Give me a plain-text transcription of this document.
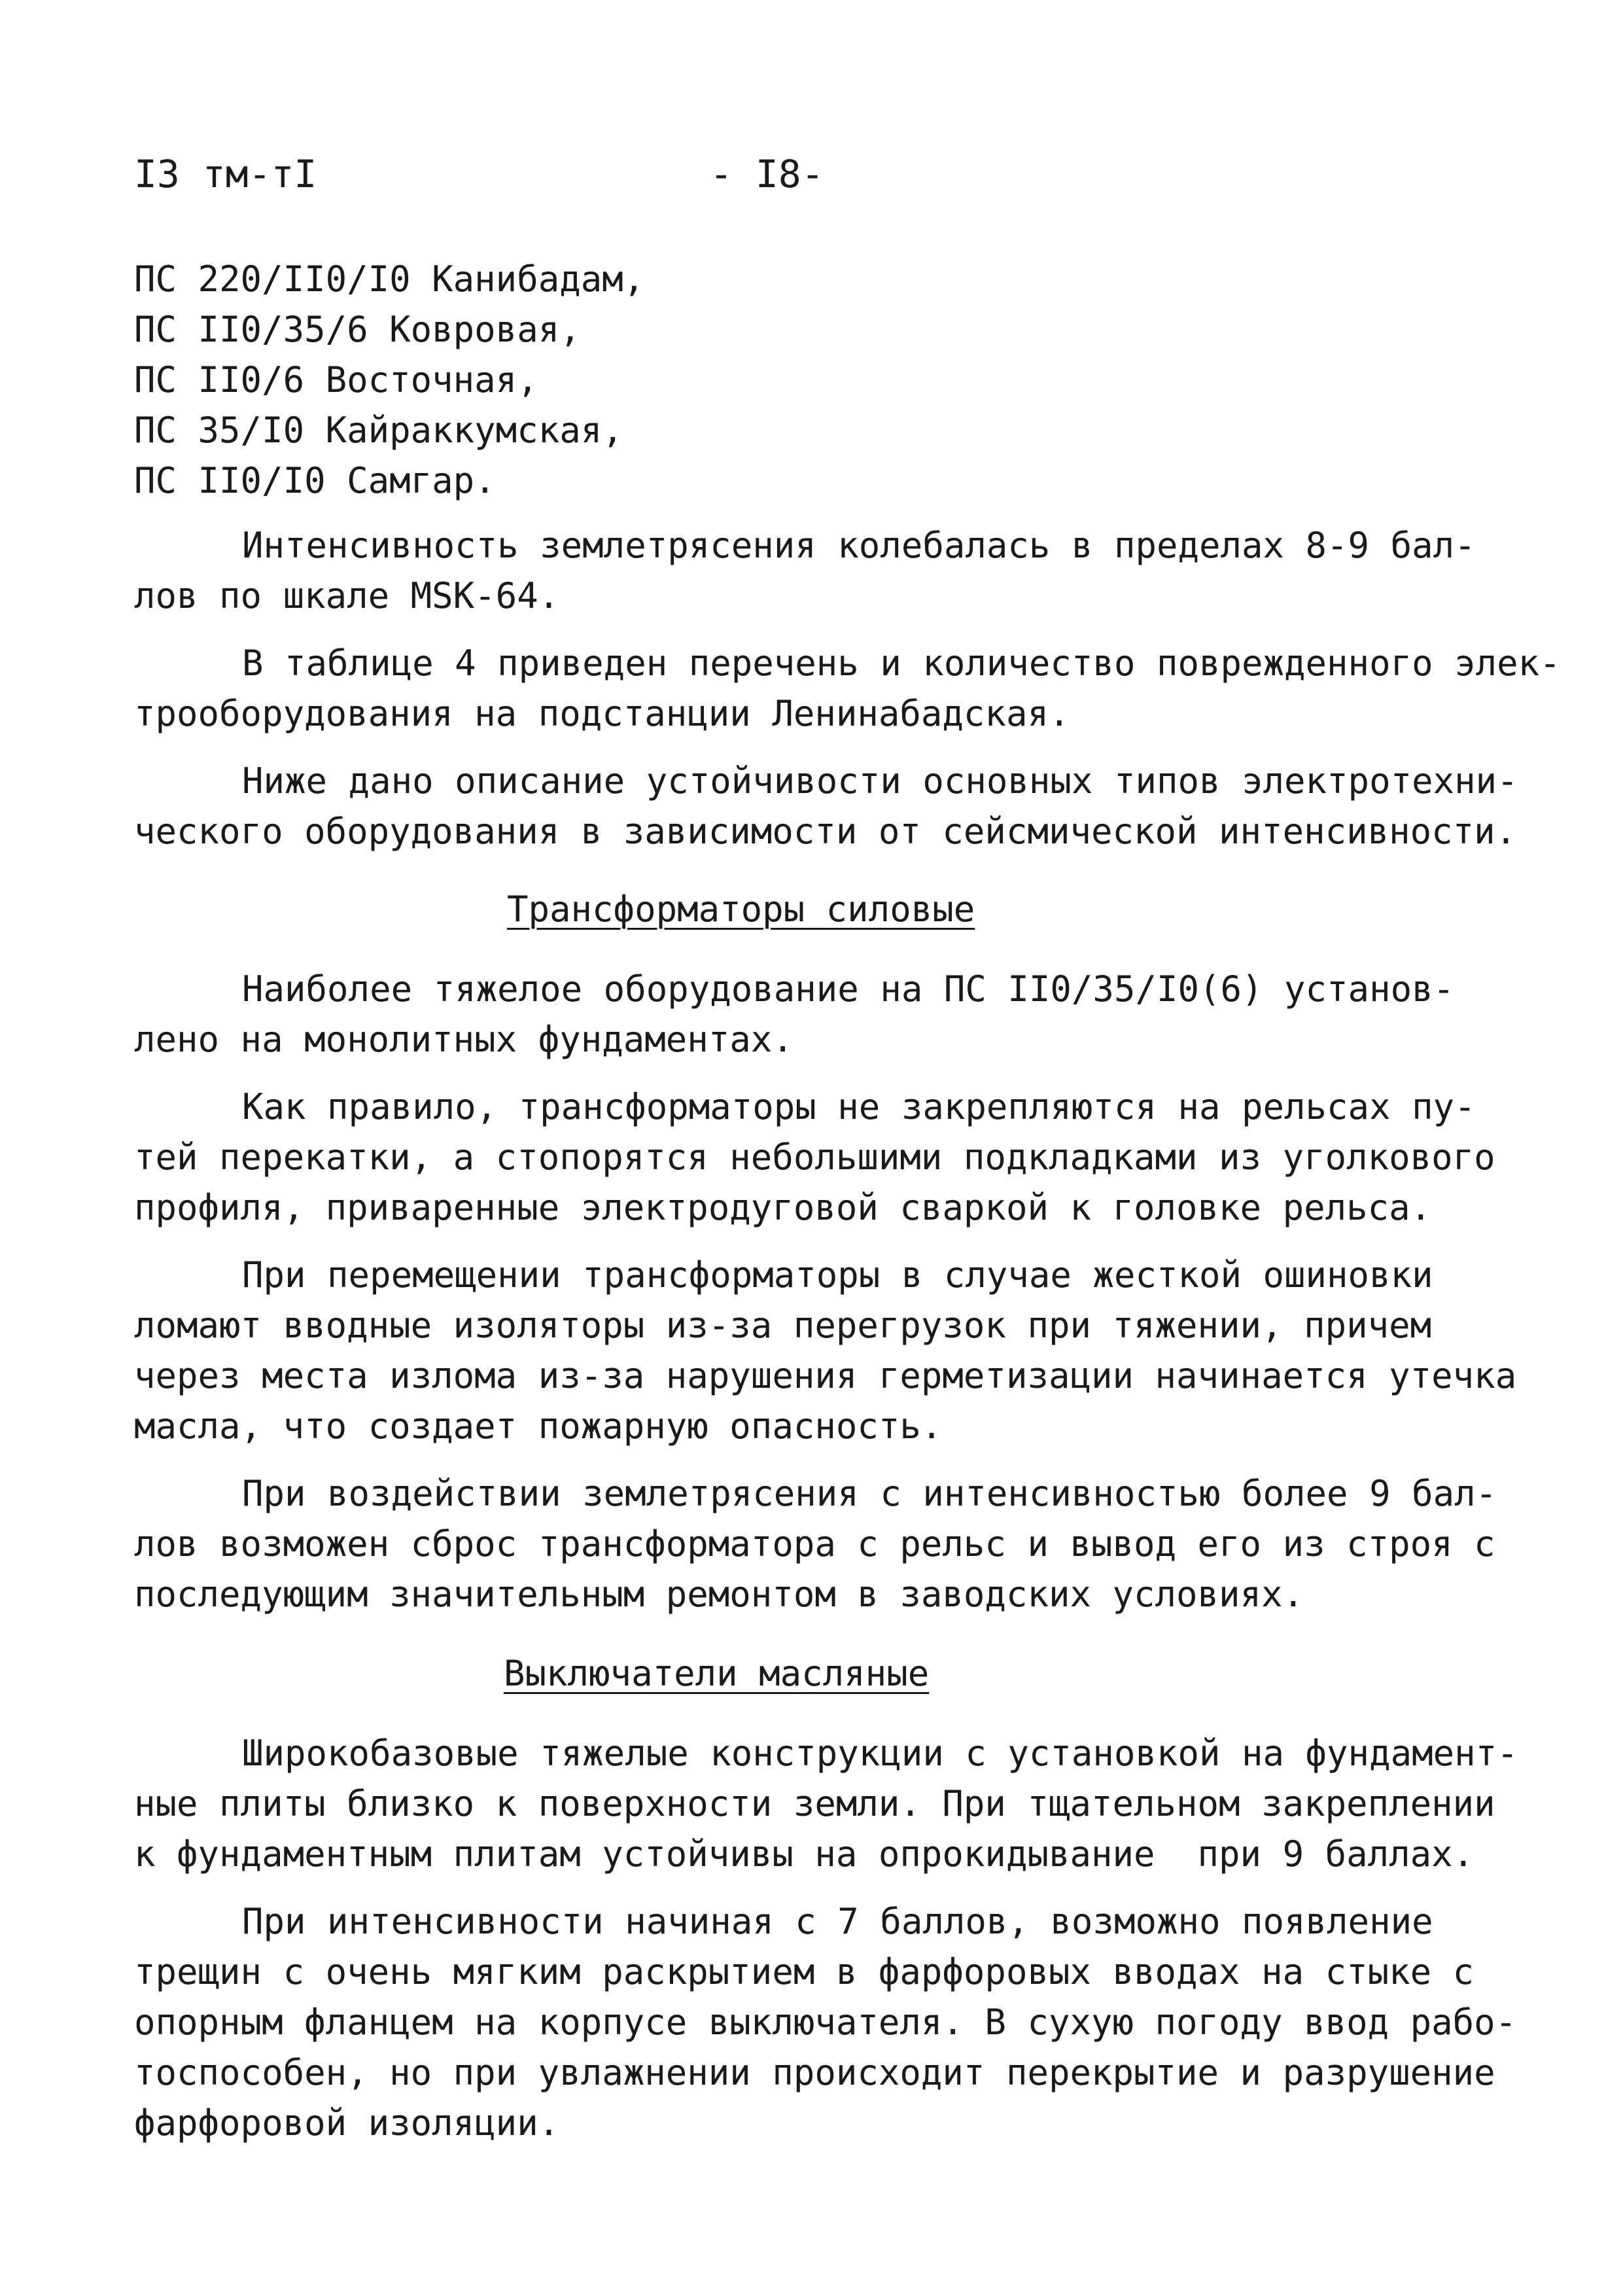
I3 тм-тI	- I8-
ПС 220/II0/I0 Канибадам,
ПС II0/35/6 Ковровая,
ПС II0/6 Восточная,
ПС 35/I0 Кайраккумская,
ПС II0/I0 Самгар.
Интенсивность землетрясения колебалась в пределах 8-9 бал-
лов по шкале MSK-64.
В таблице 4 приведен перечень и количество поврежденного элек-
трооборудования на подстанции Ленинабадская.
Ниже дано описание устойчивости основных типов электротехни-
ческого оборудования в зависимости от сейсмической интенсивности.
Трансформаторы силовые
Наиболее тяжелое оборудование на ПС II0/35/I0(6) установ-
лено на монолитных фундаментах.
Как правило, трансформаторы не закрепляются на рельсах пу-
тей перекатки, а стопорятся небольшими подкладками из уголкового
профиля, приваренные электродуговой сваркой к головке рельса.
При перемещении трансформаторы в случае жесткой ошиновки
ломают вводные изоляторы из-за перегрузок при тяжении, причем
через места излома из-за нарушения герметизации начинается утечка
масла, что создает пожарную опасность.
При воздействии землетрясения с интенсивностью более 9 бал-
лов возможен сброс трансформатора с рельс и вывод его из строя с
последующим значительным ремонтом в заводских условиях.
Выключатели масляные
Широкобазовые тяжелые конструкции с установкой на фундамент-
ные плиты близко к поверхности земли. При тщательном закреплении
к фундаментным плитам устойчивы на опрокидывание  при 9 баллах.
При интенсивности начиная с 7 баллов, возможно появление
трещин с очень мягким раскрытием в фарфоровых вводах на стыке с
опорным фланцем на корпусе выключателя. В сухую погоду ввод рабо-
тоспособен, но при увлажнении происходит перекрытие и разрушение
фарфоровой изоляции.
